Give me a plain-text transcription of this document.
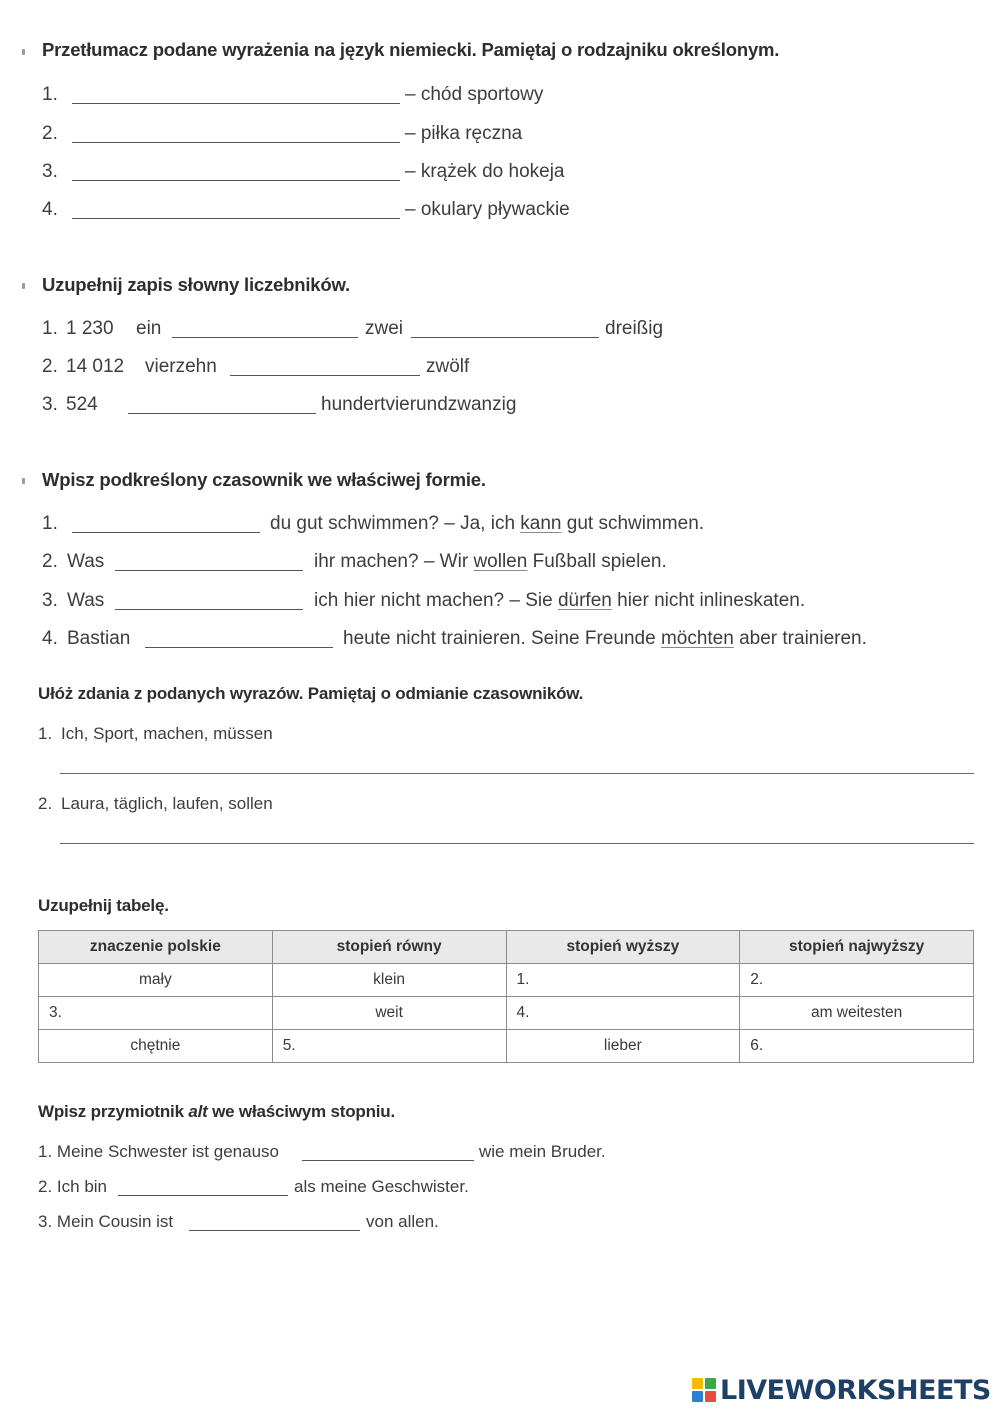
Przetłumacz podane wyrażenia na język niemiecki. Pamiętaj o rodzajniku określonym.
1.	– chód sportowy
2.	– piłka ręczna
3.	– krążek do hokeja
4.	– okulary pływackie
Uzupełnij zapis słowny liczebników.
1. 1 230 ein	zwei	dreißig
2. 14 012 vierzehn	zwölf
3. 524	hundertvierundzwanzig
Wpisz podkreślony czasownik we właściwej formie.
1.	du gut schwimmen? – Ja, ich kann gut schwimmen.
2. Was	ihr machen? – Wir wollen Fußball spielen.
3. Was	ich hier nicht machen? – Sie dürfen hier nicht inlineskaten.
4. Bastian	heute nicht trainieren. Seine Freunde möchten aber trainieren.
Ułóż zdania z podanych wyrazów. Pamiętaj o odmianie czasowników.
1. Ich, Sport, machen, müssen
2. Laura, täglich, laufen, sollen
Uzupełnij tabelę.
znaczenie polskie	stopień równy	stopień wyższy	stopień najwyższy
mały	klein	1.	2.
3.	weit	4.	am weitesten
chętnie	5.	lieber	6.
Wpisz przymiotnik alt we właściwym stopniu.
1. Meine Schwester ist genauso	wie mein Bruder.
2. Ich bin	als meine Geschwister.
3. Mein Cousin ist	von allen.
LIVEWORKSHEETS
